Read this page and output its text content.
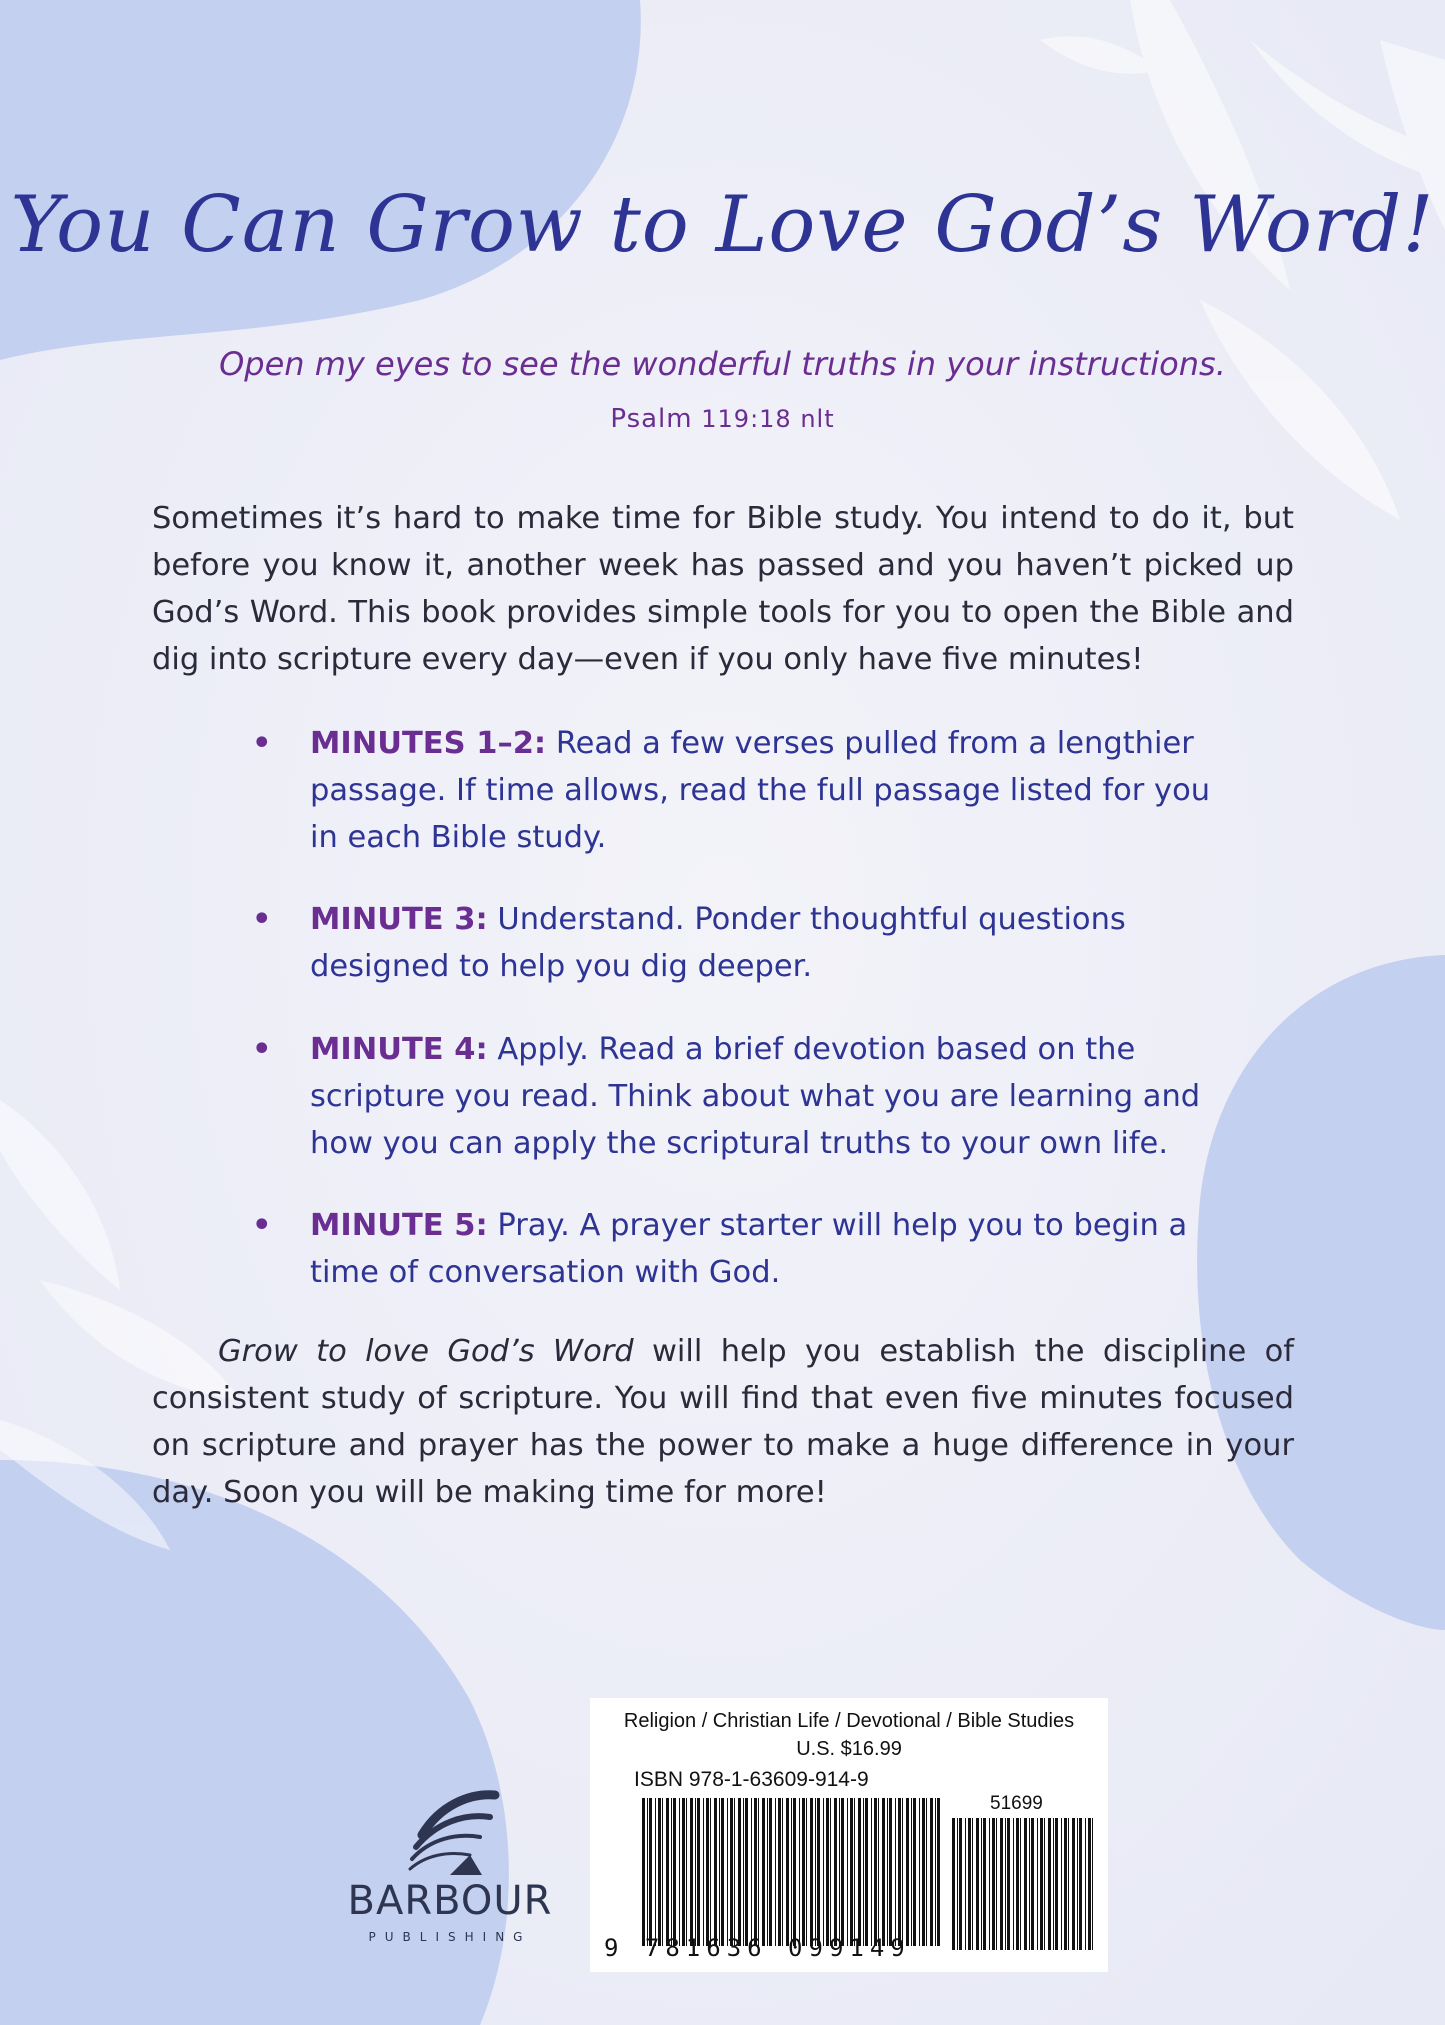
You Can Grow to Love God’s Word!
Open my eyes to see the wonderful truths in your instructions.
Psalm 119:18 nlt
Sometimes it’s hard to make time for Bible study. You intend to do it, but before you know it, another week has passed and you haven’t picked up God’s Word. This book provides simple tools for you to open the Bible and dig into scripture every day—even if you only have five minutes!
• MINUTES 1–2: Read a few verses pulled from a lengthier passage. If time allows, read the full passage listed for you in each Bible study.
• MINUTE 3: Understand. Ponder thoughtful questions designed to help you dig deeper.
• MINUTE 4: Apply. Read a brief devotion based on the scripture you read. Think about what you are learning and how you can apply the scriptural truths to your own life.
• MINUTE 5: Pray. A prayer starter will help you to begin a time of conversation with God.
Grow to love God’s Word will help you establish the discipline of consistent study of scripture. You will find that even five minutes focused on scripture and prayer has the power to make a huge difference in your day. Soon you will be making time for more!
BARBOUR
PUBLISHING
Religion / Christian Life / Devotional / Bible Studies
U.S. $16.99
ISBN 978-1-63609-914-9
51699
9 781636 099149
